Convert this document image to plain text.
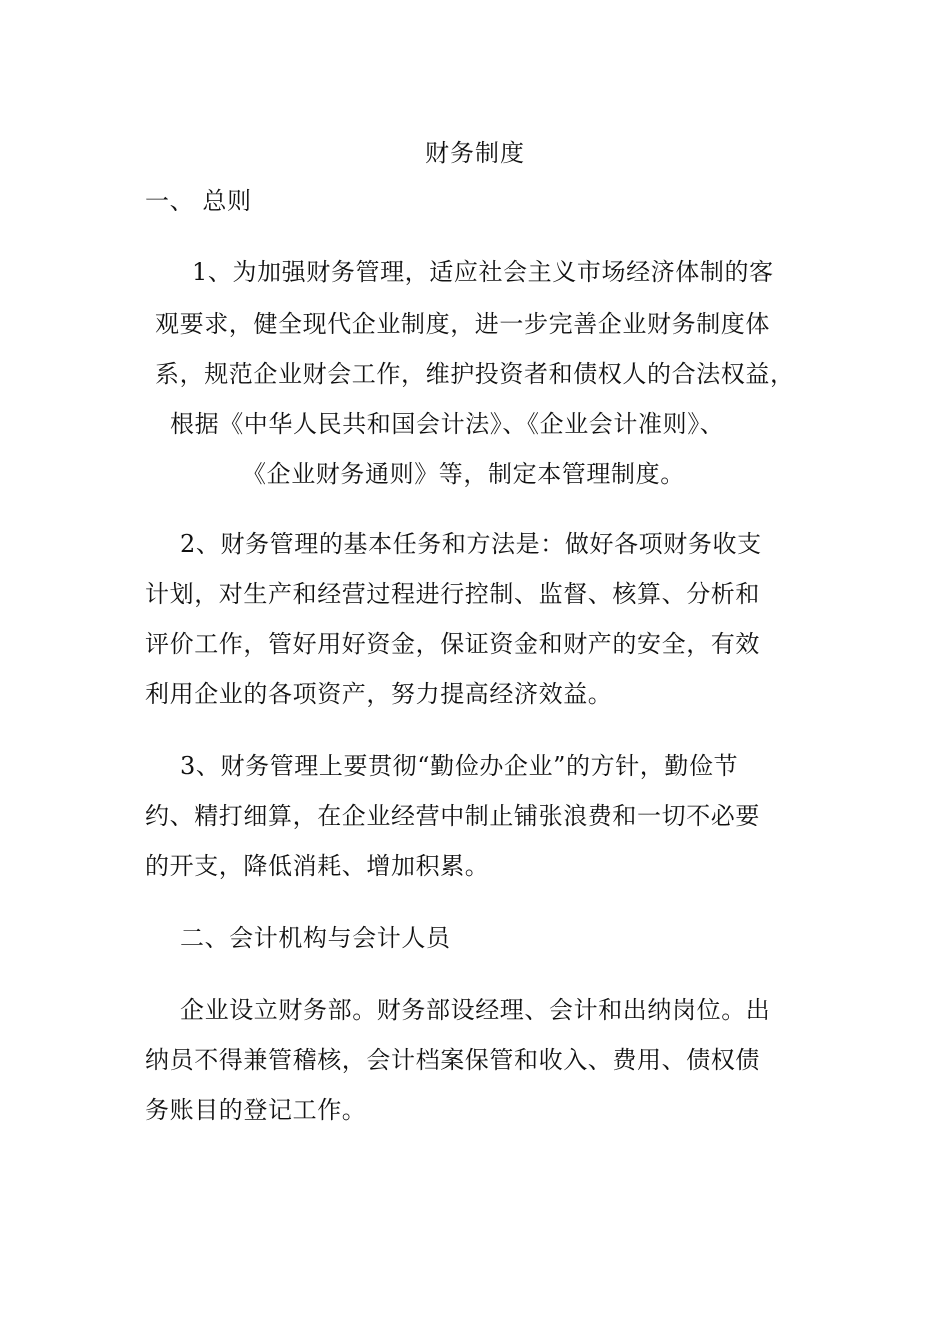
财务制度
一、 总则
1、为加强财务管理，适应社会主义市场经济体制的客
观要求，健全现代企业制度，进一步完善企业财务制度体
系，规范企业财会工作，维护投资者和债权人的合法权益，
根据《中华人民共和国会计法》、《企业会计准则》、
《企业财务通则》等，制定本管理制度。
2、财务管理的基本任务和方法是：做好各项财务收支
计划，对生产和经营过程进行控制、监督、核算、分析和
评价工作，管好用好资金，保证资金和财产的安全，有效
利用企业的各项资产，努力提高经济效益。
3、财务管理上要贯彻“勤俭办企业”的方针，勤俭节
约、精打细算，在企业经营中制止铺张浪费和一切不必要
的开支，降低消耗、增加积累。
二、会计机构与会计人员
企业设立财务部。财务部设经理、会计和出纳岗位。出
纳员不得兼管稽核，会计档案保管和收入、费用、债权债
务账目的登记工作。
